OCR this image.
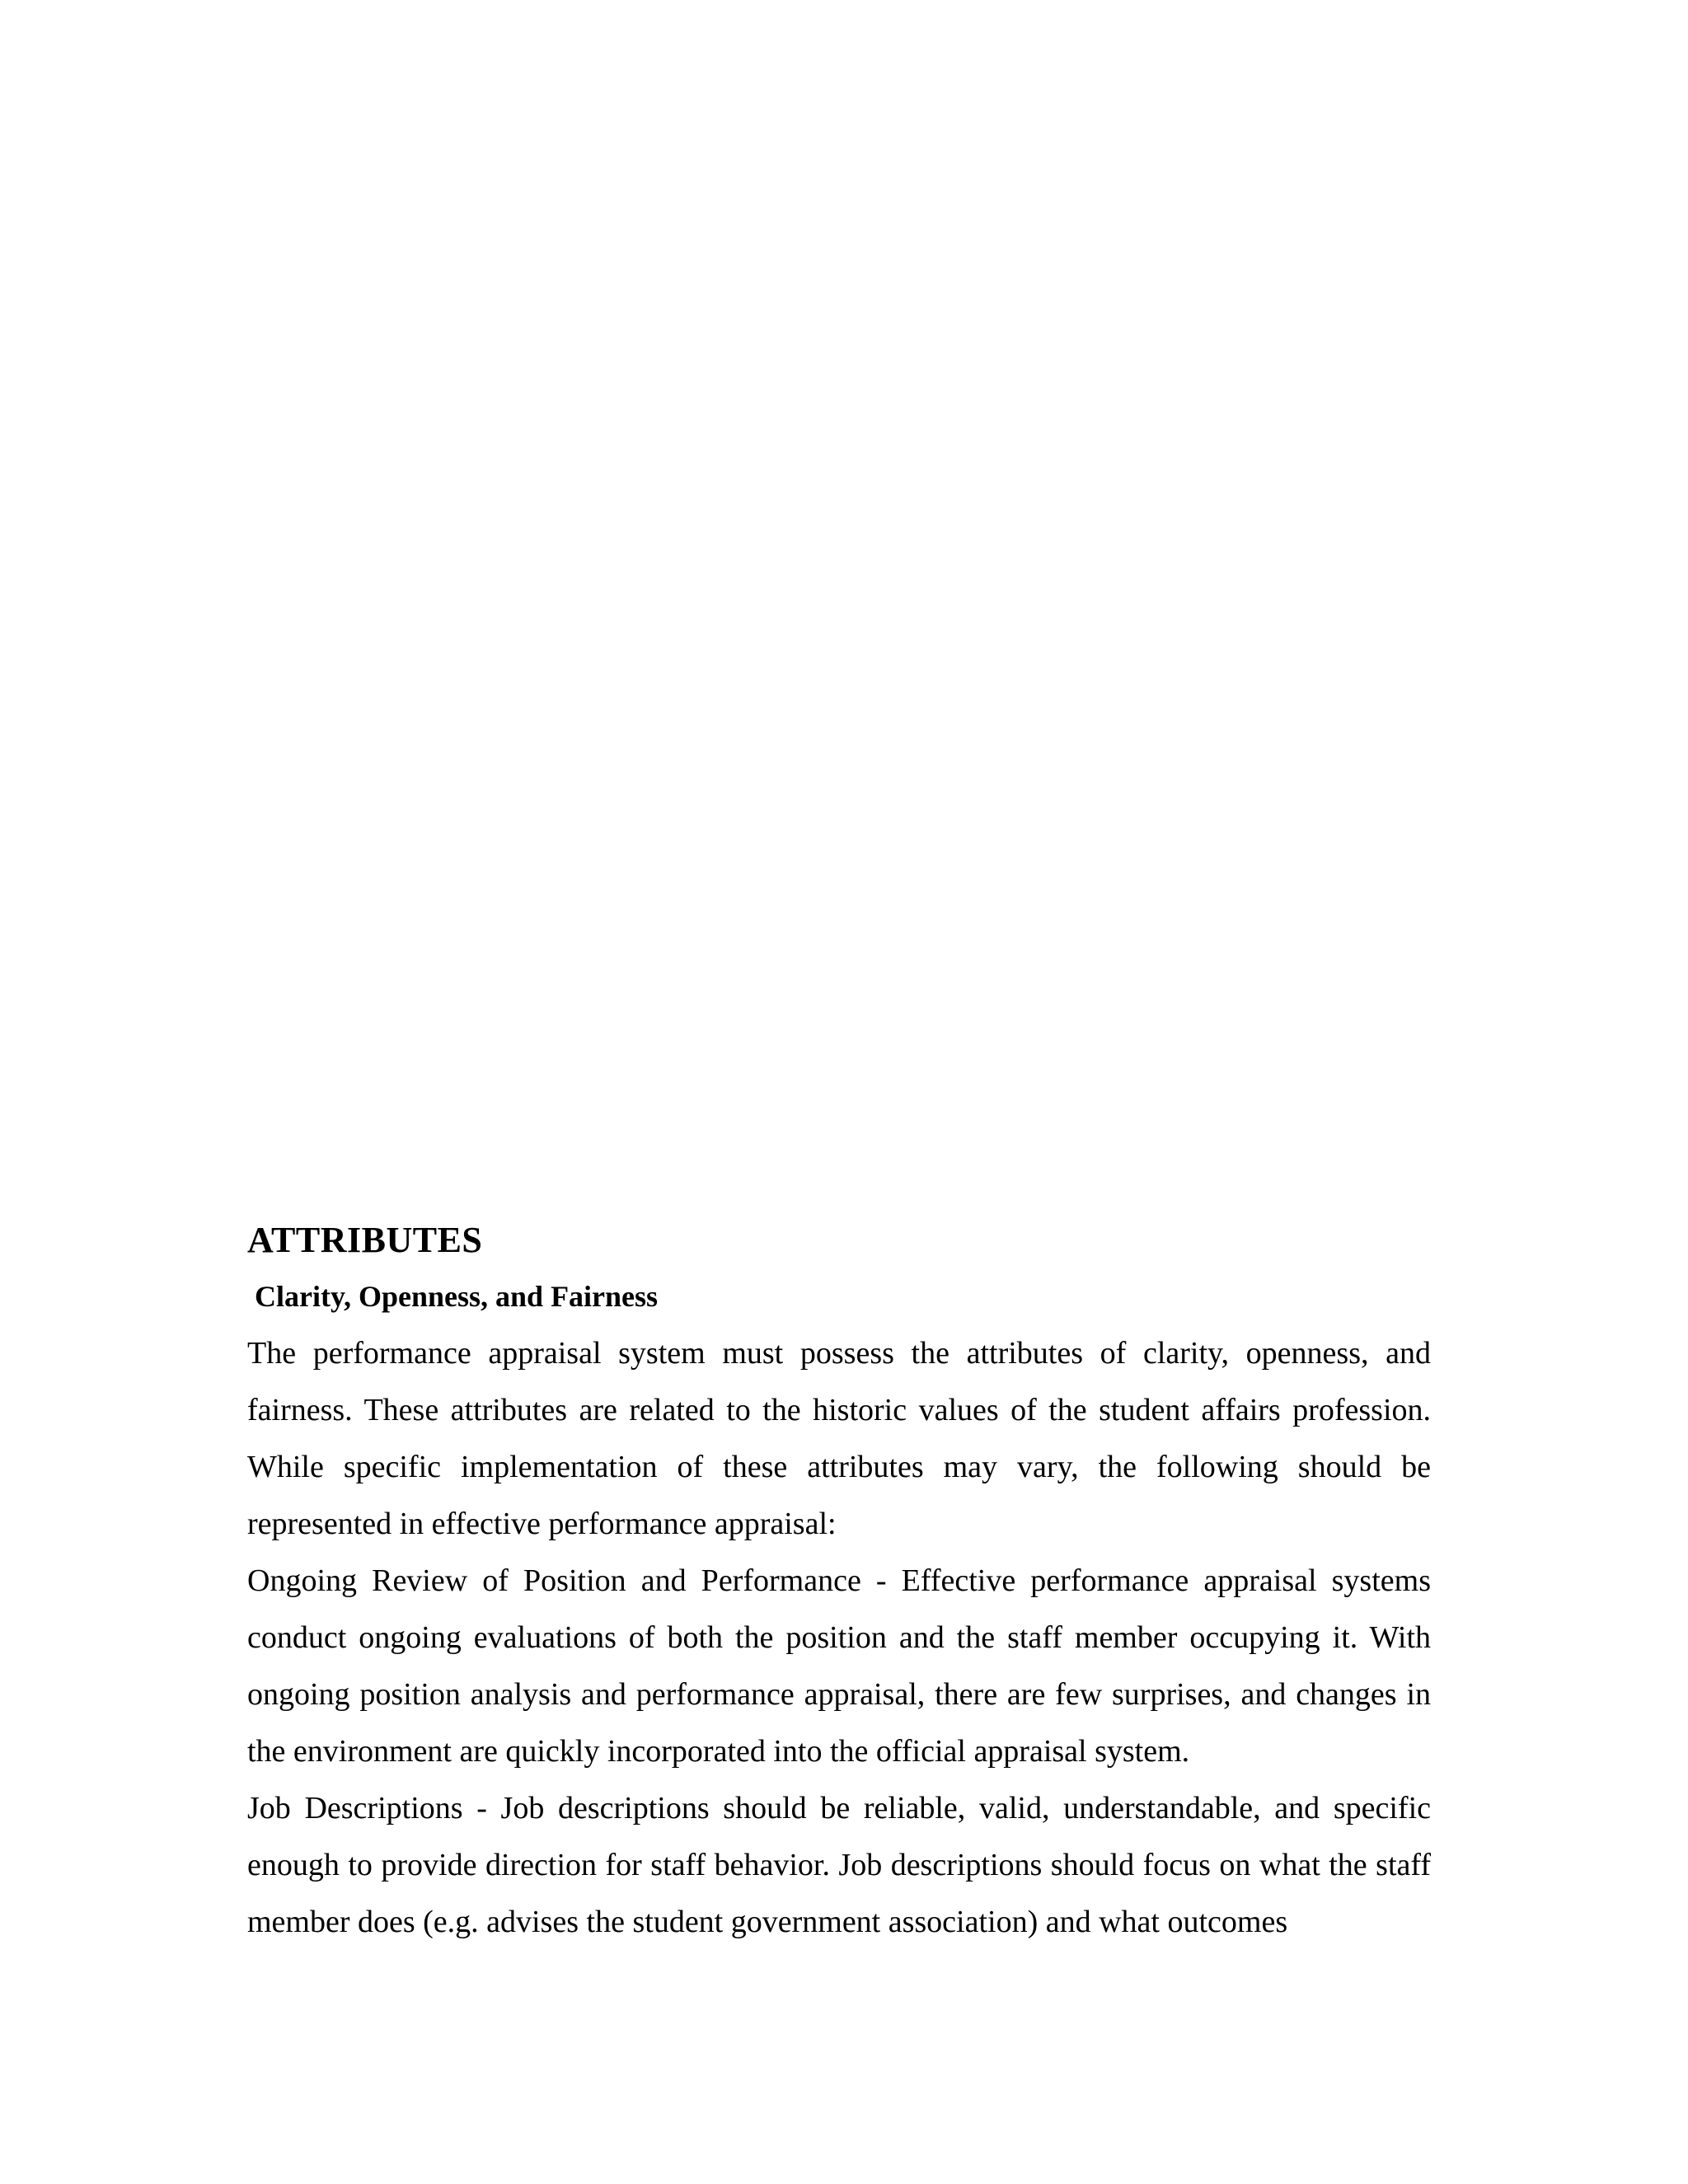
ATTRIBUTES
Clarity, Openness, and Fairness

The performance appraisal system must possess the attributes of clarity, openness, and fairness. These attributes are related to the historic values of the student affairs profession. While specific implementation of these attributes may vary, the following should be represented in effective performance appraisal:

Ongoing Review of Position and Performance - Effective performance appraisal systems conduct ongoing evaluations of both the position and the staff member occupying it. With ongoing position analysis and performance appraisal, there are few surprises, and changes in the environment are quickly incorporated into the official appraisal system.

Job Descriptions - Job descriptions should be reliable, valid, understandable, and specific enough to provide direction for staff behavior. Job descriptions should focus on what the staff member does (e.g. advises the student government association) and what outcomes
